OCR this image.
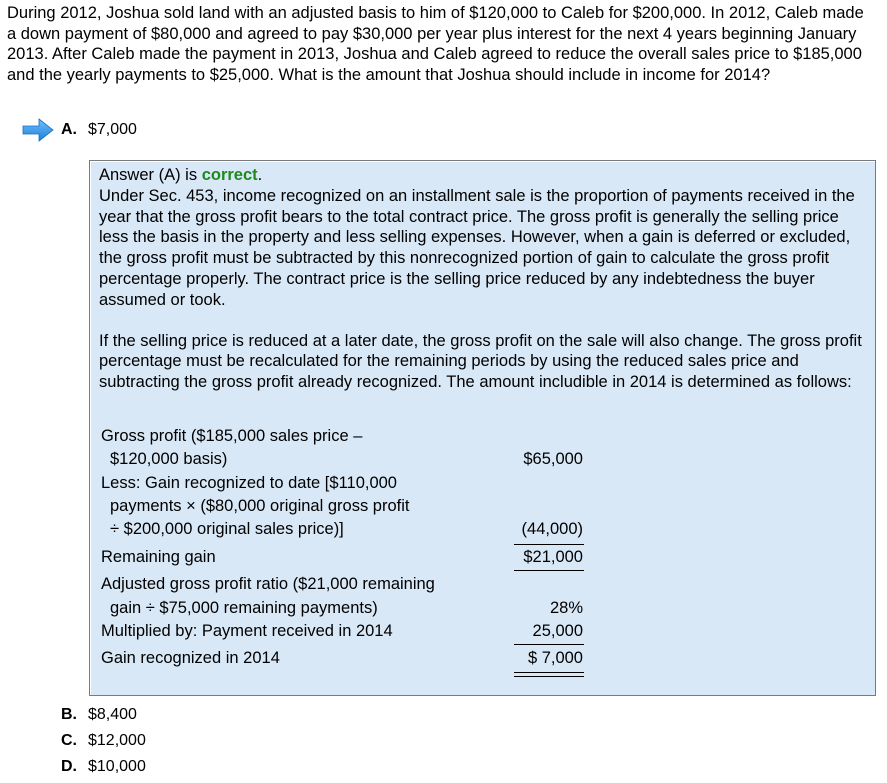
During 2012, Joshua sold land with an adjusted basis to him of $120,000 to Caleb for $200,000. In 2012, Caleb made a down payment of $80,000 and agreed to pay $30,000 per year plus interest for the next 4 years beginning January 2013. After Caleb made the payment in 2013, Joshua and Caleb agreed to reduce the overall sales price to $185,000 and the yearly payments to $25,000. What is the amount that Joshua should include in income for 2014?
A. $7,000

Answer (A) is correct.

Under Sec. 453, income recognized on an installment sale is the proportion of payments received in the year that the gross profit bears to the total contract price. The gross profit is generally the selling price less the basis in the property and less selling expenses. However, when a gain is deferred or excluded, the gross profit must be subtracted by this nonrecognized portion of gain to calculate the gross profit percentage properly. The contract price is the selling price reduced by any indebtedness the buyer assumed or took.

If the selling price is reduced at a later date, the gross profit on the sale will also change. The gross profit percentage must be recalculated for the remaining periods by using the reduced sales price and subtracting the gross profit already recognized. The amount includible in 2014 is determined as follows:

Gross profit ($185,000 sales price –
$120,000 basis)	$65,000
Less: Gain recognized to date [$110,000
payments × ($80,000 original gross profit
÷ $200,000 original sales price)]	(44,000)
Remaining gain	$21,000
Adjusted gross profit ratio ($21,000 remaining
gain ÷ $75,000 remaining payments)	28%
Multiplied by: Payment received in 2014	25,000
Gain recognized in 2014	$ 7,000
B. $8,400
C. $12,000
D. $10,000
